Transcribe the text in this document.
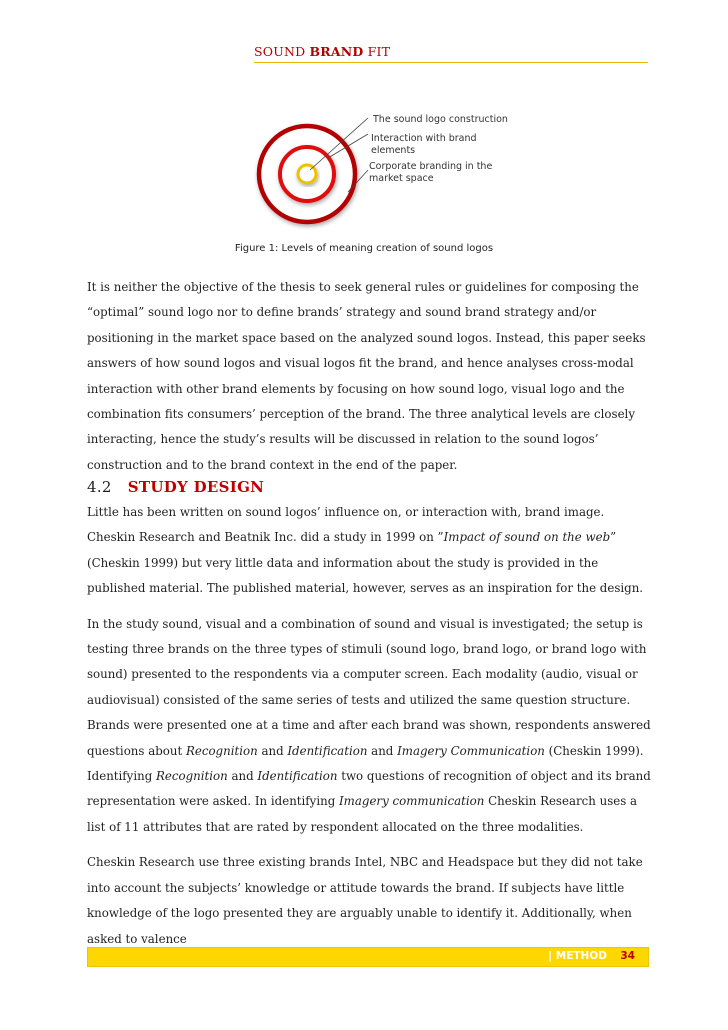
SOUND BRAND FIT
The sound logo construction
Interaction with brand elements
Corporate branding in the market space
Figure 1: Levels of meaning creation of sound logos

It is neither the objective of the thesis to seek general rules or guidelines for composing the “optimal” sound logo nor to define brands’ strategy and sound brand strategy and/or positioning in the market space based on the analyzed sound logos. Instead, this paper seeks answers of how sound logos and visual logos fit the brand, and hence analyses cross-modal interaction with other brand elements by focusing on how sound logo, visual logo and the combination fits consumers’ perception of the brand. The three analytical levels are closely interacting, hence the study’s results will be discussed in relation to the sound logos’ construction and to the brand context in the end of the paper.

4.2 STUDY DESIGN

Little has been written on sound logos’ influence on, or interaction with, brand image. Cheskin Research and Beatnik Inc. did a study in 1999 on ”Impact of sound on the web” (Cheskin 1999) but very little data and information about the study is provided in the published material. The published material, however, serves as an inspiration for the design.

In the study sound, visual and a combination of sound and visual is investigated; the setup is testing three brands on the three types of stimuli (sound logo, brand logo, or brand logo with sound) presented to the respondents via a computer screen. Each modality (audio, visual or audiovisual) consisted of the same series of tests and utilized the same question structure. Brands were presented one at a time and after each brand was shown, respondents answered questions about Recognition and Identification and Imagery Communication (Cheskin 1999). Identifying Recognition and Identification two questions of recognition of object and its brand representation were asked. In identifying Imagery communication Cheskin Research uses a list of 11 attributes that are rated by respondent allocated on the three modalities.

Cheskin Research use three existing brands Intel, NBC and Headspace but they did not take into account the subjects’ knowledge or attitude towards the brand. If subjects have little knowledge of the logo presented they are arguably unable to identify it. Additionally, when asked to valence

| METHOD 34
